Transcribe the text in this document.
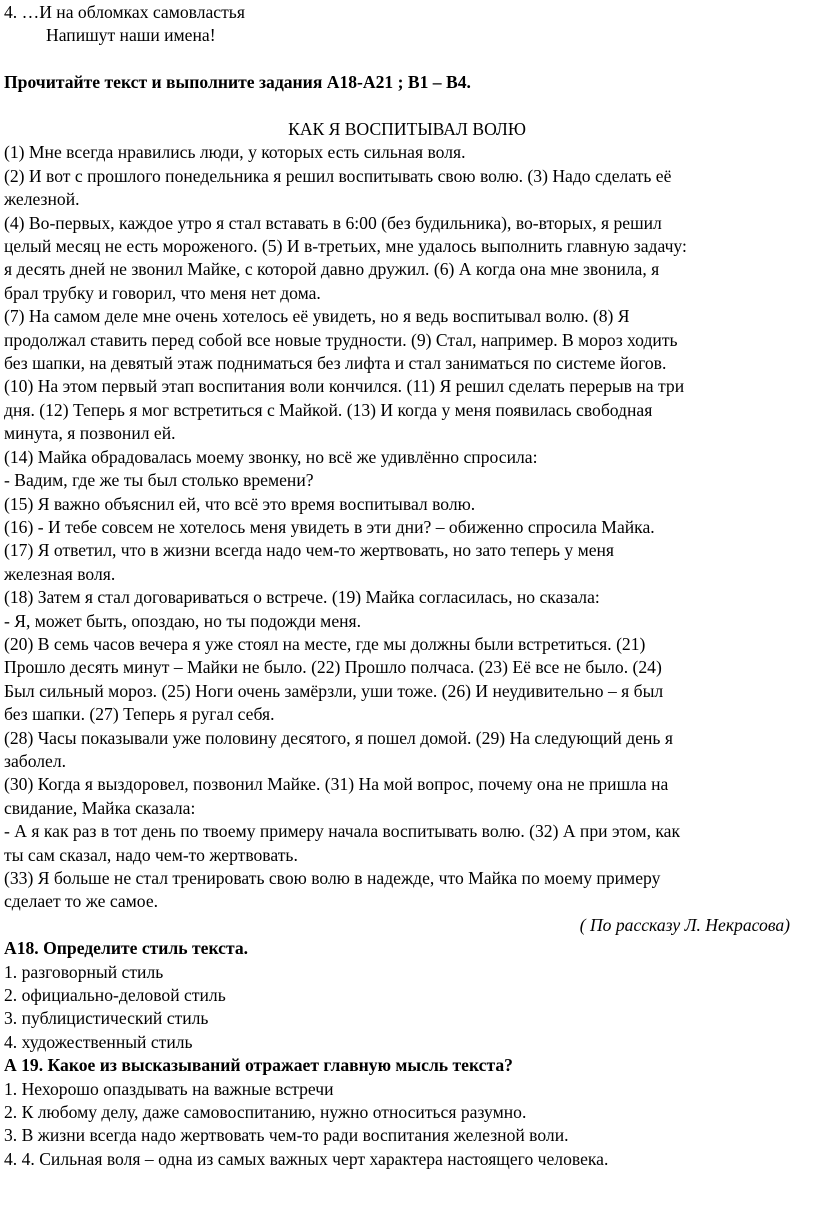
4. …И на обломках самовластья
Напишут наши имена!
Прочитайте текст и выполните задания А18-А21 ; В1 – В4.
КАК Я ВОСПИТЫВАЛ ВОЛЮ
(1) Мне всегда нравились люди, у которых есть сильная воля.
(2) И вот с прошлого понедельника я решил воспитывать свою волю. (3) Надо сделать её
железной.
(4) Во-первых, каждое утро я стал вставать в 6:00 (без будильника), во-вторых, я решил
целый месяц не есть мороженого. (5) И в-третьих, мне удалось выполнить главную задачу:
я десять дней не звонил Майке, с которой давно дружил. (6) А когда она мне звонила, я
брал трубку и говорил, что меня нет дома.
(7) На самом деле мне очень хотелось её увидеть, но я ведь воспитывал волю. (8) Я
продолжал ставить перед собой все новые трудности. (9) Стал, например. В мороз ходить
без шапки, на девятый этаж подниматься без лифта и стал заниматься по системе йогов.
(10) На этом первый этап воспитания воли кончился. (11) Я решил сделать перерыв на три
дня. (12) Теперь я мог встретиться с Майкой. (13) И когда у меня появилась свободная
минута, я позвонил ей.
(14) Майка обрадовалась моему звонку, но всё же удивлённо спросила:
- Вадим, где же ты был столько времени?
(15) Я важно объяснил ей, что всё это время воспитывал волю.
(16) - И тебе совсем не хотелось меня увидеть в эти дни? – обиженно спросила Майка.
(17) Я ответил, что в жизни всегда надо чем-то жертвовать, но зато теперь у меня
железная воля.
(18) Затем я стал договариваться о встрече. (19) Майка согласилась, но сказала:
- Я, может быть, опоздаю, но ты подожди меня.
(20) В семь часов вечера я уже стоял на месте, где мы должны были встретиться. (21)
Прошло десять минут – Майки не было. (22) Прошло полчаса. (23) Её все не было. (24)
Был сильный мороз. (25) Ноги очень замёрзли, уши тоже. (26) И неудивительно – я был
без шапки. (27) Теперь я ругал себя.
(28) Часы показывали уже половину десятого, я пошел домой. (29) На следующий день я
заболел.
(30) Когда я выздоровел, позвонил Майке. (31) На мой вопрос, почему она не пришла на
свидание, Майка сказала:
- А я как раз в тот день по твоему примеру начала воспитывать волю. (32) А при этом, как
ты сам сказал, надо чем-то жертвовать.
(33) Я больше не стал тренировать свою волю в надежде, что Майка по моему примеру
сделает то же самое.
( По рассказу Л. Некрасова)
А18. Определите стиль текста.
1. разговорный стиль
2. официально-деловой стиль
3. публицистический стиль
4. художественный стиль
А 19. Какое из высказываний отражает главную мысль текста?
1. Нехорошо опаздывать на важные встречи
2. К любому делу, даже самовоспитанию, нужно относиться разумно.
3. В жизни всегда надо жертвовать чем-то ради воспитания железной воли.
4. 4. Сильная воля – одна из самых важных черт характера настоящего человека.
